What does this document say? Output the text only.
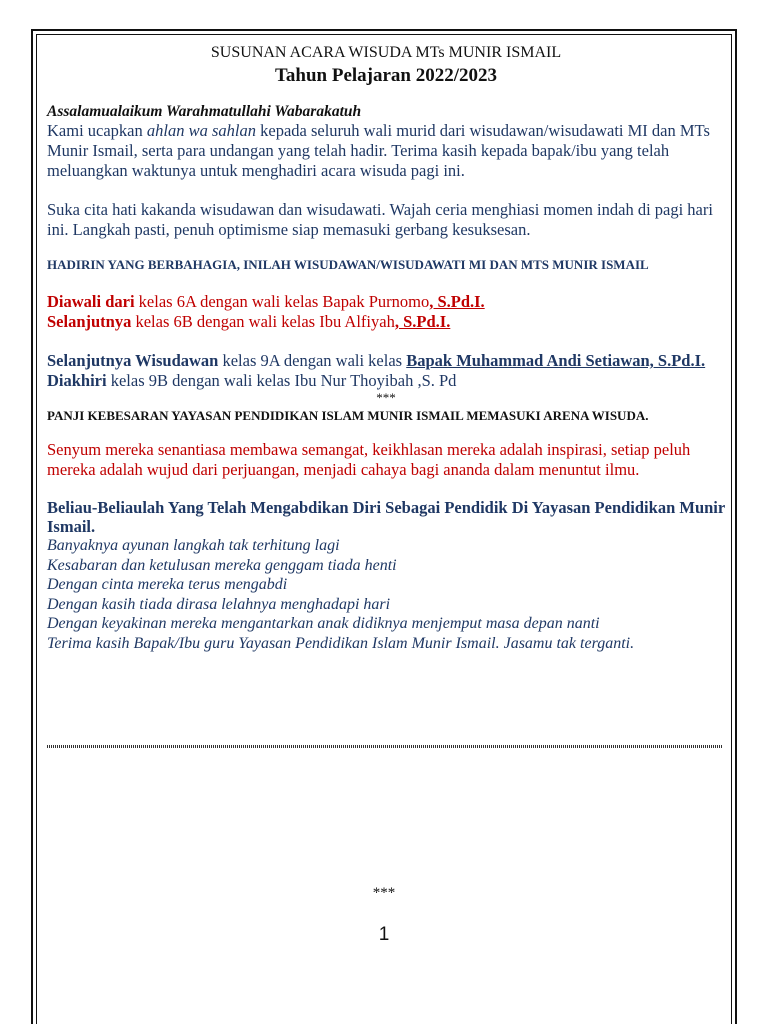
SUSUNAN ACARA WISUDA MTs MUNIR ISMAIL
Tahun Pelajaran 2022/2023

Assalamualaikum Warahmatullahi Wabarakatuh

Kami ucapkan ahlan wa sahlan kepada seluruh wali murid dari wisudawan/wisudawati MI dan MTs Munir Ismail, serta para undangan yang telah hadir. Terima kasih kepada bapak/ibu yang telah meluangkan waktunya untuk menghadiri acara wisuda pagi ini.

Suka cita hati kakanda wisudawan dan wisudawati. Wajah ceria menghiasi momen indah di pagi hari ini. Langkah pasti, penuh optimisme siap memasuki gerbang kesuksesan.

HADIRIN YANG BERBAHAGIA, INILAH WISUDAWAN/WISUDAWATI MI DAN MTS MUNIR ISMAIL

Diawali dari kelas 6A dengan wali kelas Bapak Purnomo, S.Pd.I.

Selanjutnya kelas 6B dengan wali kelas Ibu Alfiyah, S.Pd.I.

Selanjutnya Wisudawan kelas 9A dengan wali kelas Bapak Muhammad Andi Setiawan, S.Pd.I.

Diakhiri kelas 9B dengan wali kelas Ibu Nur Thoyibah ,S. Pd

***

PANJI KEBESARAN YAYASAN PENDIDIKAN ISLAM MUNIR ISMAIL MEMASUKI ARENA WISUDA.

Senyum mereka senantiasa membawa semangat, keikhlasan mereka adalah inspirasi, setiap peluh mereka adalah wujud dari perjuangan, menjadi cahaya bagi ananda dalam menuntut ilmu.

Beliau-Beliaulah Yang Telah Mengabdikan Diri Sebagai Pendidik Di Yayasan Pendidikan Munir Ismail.

Banyaknya ayunan langkah tak terhitung lagi

Kesabaran dan ketulusan mereka genggam tiada henti

Dengan cinta mereka terus mengabdi

Dengan kasih tiada dirasa lelahnya menghadapi hari

Dengan keyakinan mereka mengantarkan anak didiknya menjemput masa depan nanti

Terima kasih Bapak/Ibu guru Yayasan Pendidikan Islam Munir Ismail. Jasamu tak terganti.

***
1
